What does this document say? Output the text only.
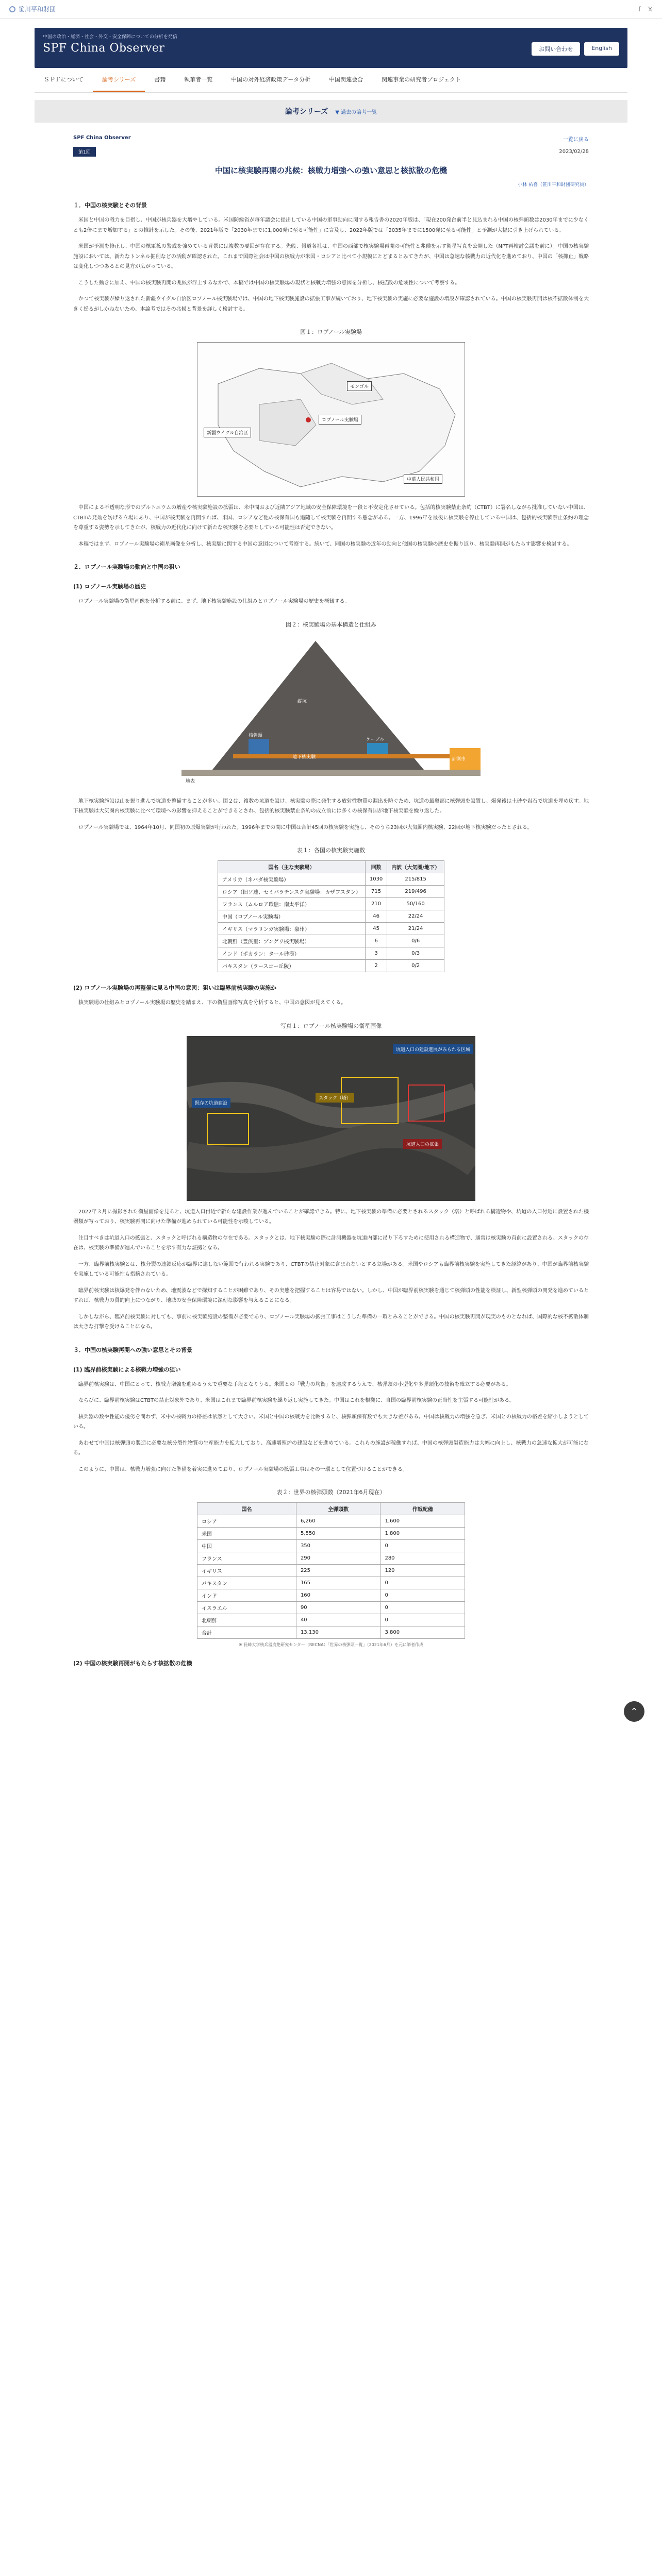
笹川平和財団	f 𝕏
中国の政治・経済・社会・外交・安全保障についての分析を発信
SPF China Observer	お問い合わせ	English
ＳＰＦについて	論考シリーズ	書籍	執筆者一覧	中国の対外経済政策データ分析	中国関連会合	関連事業の研究者プロジェクト
論考シリーズ ▼ 過去の論考一覧
SPF China Observer	一覧に戻る
第1回	2023/02/28
中国に核実験再開の兆候：核戦力増強への強い意思と核拡散の危機
小林 祐喜（笹川平和財団研究員）
１．中国の核実験とその背景

米国と中国の戦力を目指し、中国が核兵器を大増やしている。米国防総省が毎年議会に提出している中国の軍事動向に関する報告書の2020年版は、「現在200発台前半と見込まれる中国の核弾頭数は2030年までに少なくとも2倍にまで増加する」との推計を示した。その後、2021年版で「2030年までに1,000発に至る可能性」に言及し、2022年版では「2035年までに1500発に至る可能性」と予測が大幅に引き上げられている。

米国が予測を修正し、中国の核軍拡の警戒を強めている背景には複数の要因が存在する。先般、報道各社は、中国の西部で核実験場再開の可能性と兆候を示す衛星写真を公開した（NPT再検討会議を前に）。中国の核実験施設においては、新たなトンネル掘削などの活動が確認された。これまで国際社会は中国の核戦力が米国・ロシアと比べて小規模にとどまるとみてきたが、中国は急速な核戦力の近代化を進めており、中国の「核抑止」戦略は変化しつつあるとの見方が広がっている。

こうした動きに加え、中国の核実験再開の兆候が浮上するなかで、本稿では中国の核実験場の現状と核戦力増強の意図を分析し、核拡散の危険性について考察する。

かつて核実験が繰り返された新疆ウイグル自治区ロプノール核実験場では、中国の地下核実験施設の拡張工事が続いており、地下核実験の実施に必要な施設の増設が確認されている。中国の核実験再開は核不拡散体制を大きく揺るがしかねないため、本論考ではその兆候と背景を詳しく検討する。

図１：ロプノール実験場
モンゴル
ロプノール実験場
新疆ウイグル自治区
中華人民共和国

中国による不透明な形でのプルトニウムの増産や核実験施設の拡張は、米中間および近隣アジア地域の安全保障環境を一段と不安定化させている。包括的核実験禁止条約（CTBT）に署名しながら批准していない中国は、CTBTの発効を妨げる立場にあり、中国が核実験を再開すれば、米国、ロシアなど他の核保有国も追随して核実験を再開する懸念がある。一方、1996年を最後に核実験を停止している中国は、包括的核実験禁止条約の理念を尊重する姿勢を示してきたが、核戦力の近代化に向けて新たな核実験を必要としている可能性は否定できない。

本稿ではまず、ロプノール実験場の衛星画像を分析し、核実験に関する中国の意図について考察する。続いて、同国の核実験の近年の動向と他国の核実験の歴史を振り返り、核実験再開がもたらす影響を検討する。

２．ロプノール実験場の動向と中国の狙い
(1) ロプノール実験場の歴史

ロプノール実験場の衛星画像を分析する前に、まず、地下核実験施設の仕組みとロプノール実験場の歴史を概観する。

図２：核実験場の基本構造と仕組み
地下核実験
縦坑
地表
核弾頭
ケーブル
計測車

地下核実験施設は山を掘り進んで坑道を整備することが多い。図２は、複数の坑道を設け、核実験の際に発生する放射性物質の漏出を防ぐため、坑道の最奥部に核弾頭を設置し、爆発後は土砂や岩石で坑道を埋め戻す。地下核実験は大気圏内核実験に比べて環境への影響を抑えることができるとされ、包括的核実験禁止条約の成立前には多くの核保有国が地下核実験を繰り返した。

ロプノール実験場では、1964年10月、同国初の原爆実験が行われた。1996年までの間に中国は合計45回の核実験を実施し、そのうち23回が大気圏内核実験、22回が地下核実験だったとされる。

表１：各国の核実験実施数
国名（主な実験場）	回数	内訳（大気圏/地下）
アメリカ（ネバダ核実験場）	1030	215/815
ロシア（旧ソ連、セミパラチンスク実験場：カザフスタン）	715	219/496
フランス（ムルロア環礁：南太平洋）	210	50/160
中国（ロプノール実験場）	46	22/24
イギリス（マラリンガ実験場：豪州）	45	21/24
北朝鮮（豊渓里：プンゲリ核実験場）	6	0/6
インド（ポカラン：タール砂漠）	3	0/3
パキスタン（ラースコー丘陵）	2	0/2
(2) ロプノール実験場の再整備に見る中国の意図：狙いは臨界前核実験の実施か

核実験場の仕組みとロプノール実験場の歴史を踏まえ、下の衛星画像写真を分析すると、中国の意図が見えてくる。

写真１：ロプノール核実験場の衛星画像
坑道入口の建設進展がみられる区域
スタック（塔）
既存の坑道建設
坑道入口の拡張

2022年３月に撮影された衛星画像を見ると、坑道入口付近で新たな建設作業が進んでいることが確認できる。特に、地下核実験の準備に必要とされるスタック（塔）と呼ばれる構造物や、坑道の入口付近に設置された機器類が写っており、核実験再開に向けた準備が進められている可能性を示唆している。

注目すべきは坑道入口の拡張と、スタックと呼ばれる構造物の存在である。スタックとは、地下核実験の際に計測機器を坑道内部に吊り下ろすために使用される構造物で、通常は核実験の直前に設置される。スタックの存在は、核実験の準備が進んでいることを示す有力な証拠となる。

一方、臨界前核実験とは、核分裂の連鎖反応が臨界に達しない範囲で行われる実験であり、CTBTの禁止対象に含まれないとする立場がある。米国やロシアも臨界前核実験を実施してきた経緯があり、中国が臨界前核実験を実施している可能性も指摘されている。

臨界前核実験は核爆発を伴わないため、地震波などで探知することが困難であり、その実態を把握することは容易ではない。しかし、中国が臨界前核実験を通じて核弾頭の性能を検証し、新型核弾頭の開発を進めているとすれば、核戦力の質的向上につながり、地域の安全保障環境に深刻な影響を与えることになる。

しかしながら、臨界前核実験に対しても、事前に核実験施設の整備が必要であり、ロプノール実験場の拡張工事はこうした準備の一環とみることができる。中国の核実験再開が現実のものとなれば、国際的な核不拡散体制は大きな打撃を受けることになる。

３．中国の核実験再開への強い意思とその背景
(1) 臨界前核実験による核戦力増強の狙い

臨界前核実験は、中国にとって、核戦力増強を進めるうえで重要な手段となりうる。米国との「戦力の均衡」を達成するうえで、核弾頭の小型化や多弾頭化の技術を確立する必要がある。

ならびに、臨界前核実験はCTBTの禁止対象外であり、米国はこれまで臨界前核実験を繰り返し実施してきた。中国はこれを根拠に、自国の臨界前核実験の正当性を主張する可能性がある。

核兵器の数や性能の優劣を問わず、米中の核戦力の格差は依然として大きい。米国と中国の核戦力を比較すると、核弾頭保有数でも大きな差がある。中国は核戦力の増強を急ぎ、米国との核戦力の格差を縮小しようとしている。

あわせて中国は核弾頭の製造に必要な核分裂性物質の生産能力を拡大しており、高速増殖炉の建設などを進めている。これらの施設が稼働すれば、中国の核弾頭製造能力は大幅に向上し、核戦力の急速な拡大が可能になる。

このように、中国は、核戦力増強に向けた準備を着実に進めており、ロプノール実験場の拡張工事はその一環として位置づけることができる。

表２：世界の核弾頭数（2021年6月現在）
国名	全弾頭数	作戦配備
ロシア	6,260	1,600
米国	5,550	1,800
中国	350	0
フランス	290	280
イギリス	225	120
パキスタン	165	0
インド	160	0
イスラエル	90	0
北朝鮮	40	0
合計	13,130	3,800
※ 長崎大学核兵器廃絶研究センター（RECNA）「世界の核弾頭一覧」（2021年6月）を元に筆者作成
(2) 中国の核実験再開がもたらす核拡散の危機
⌃
